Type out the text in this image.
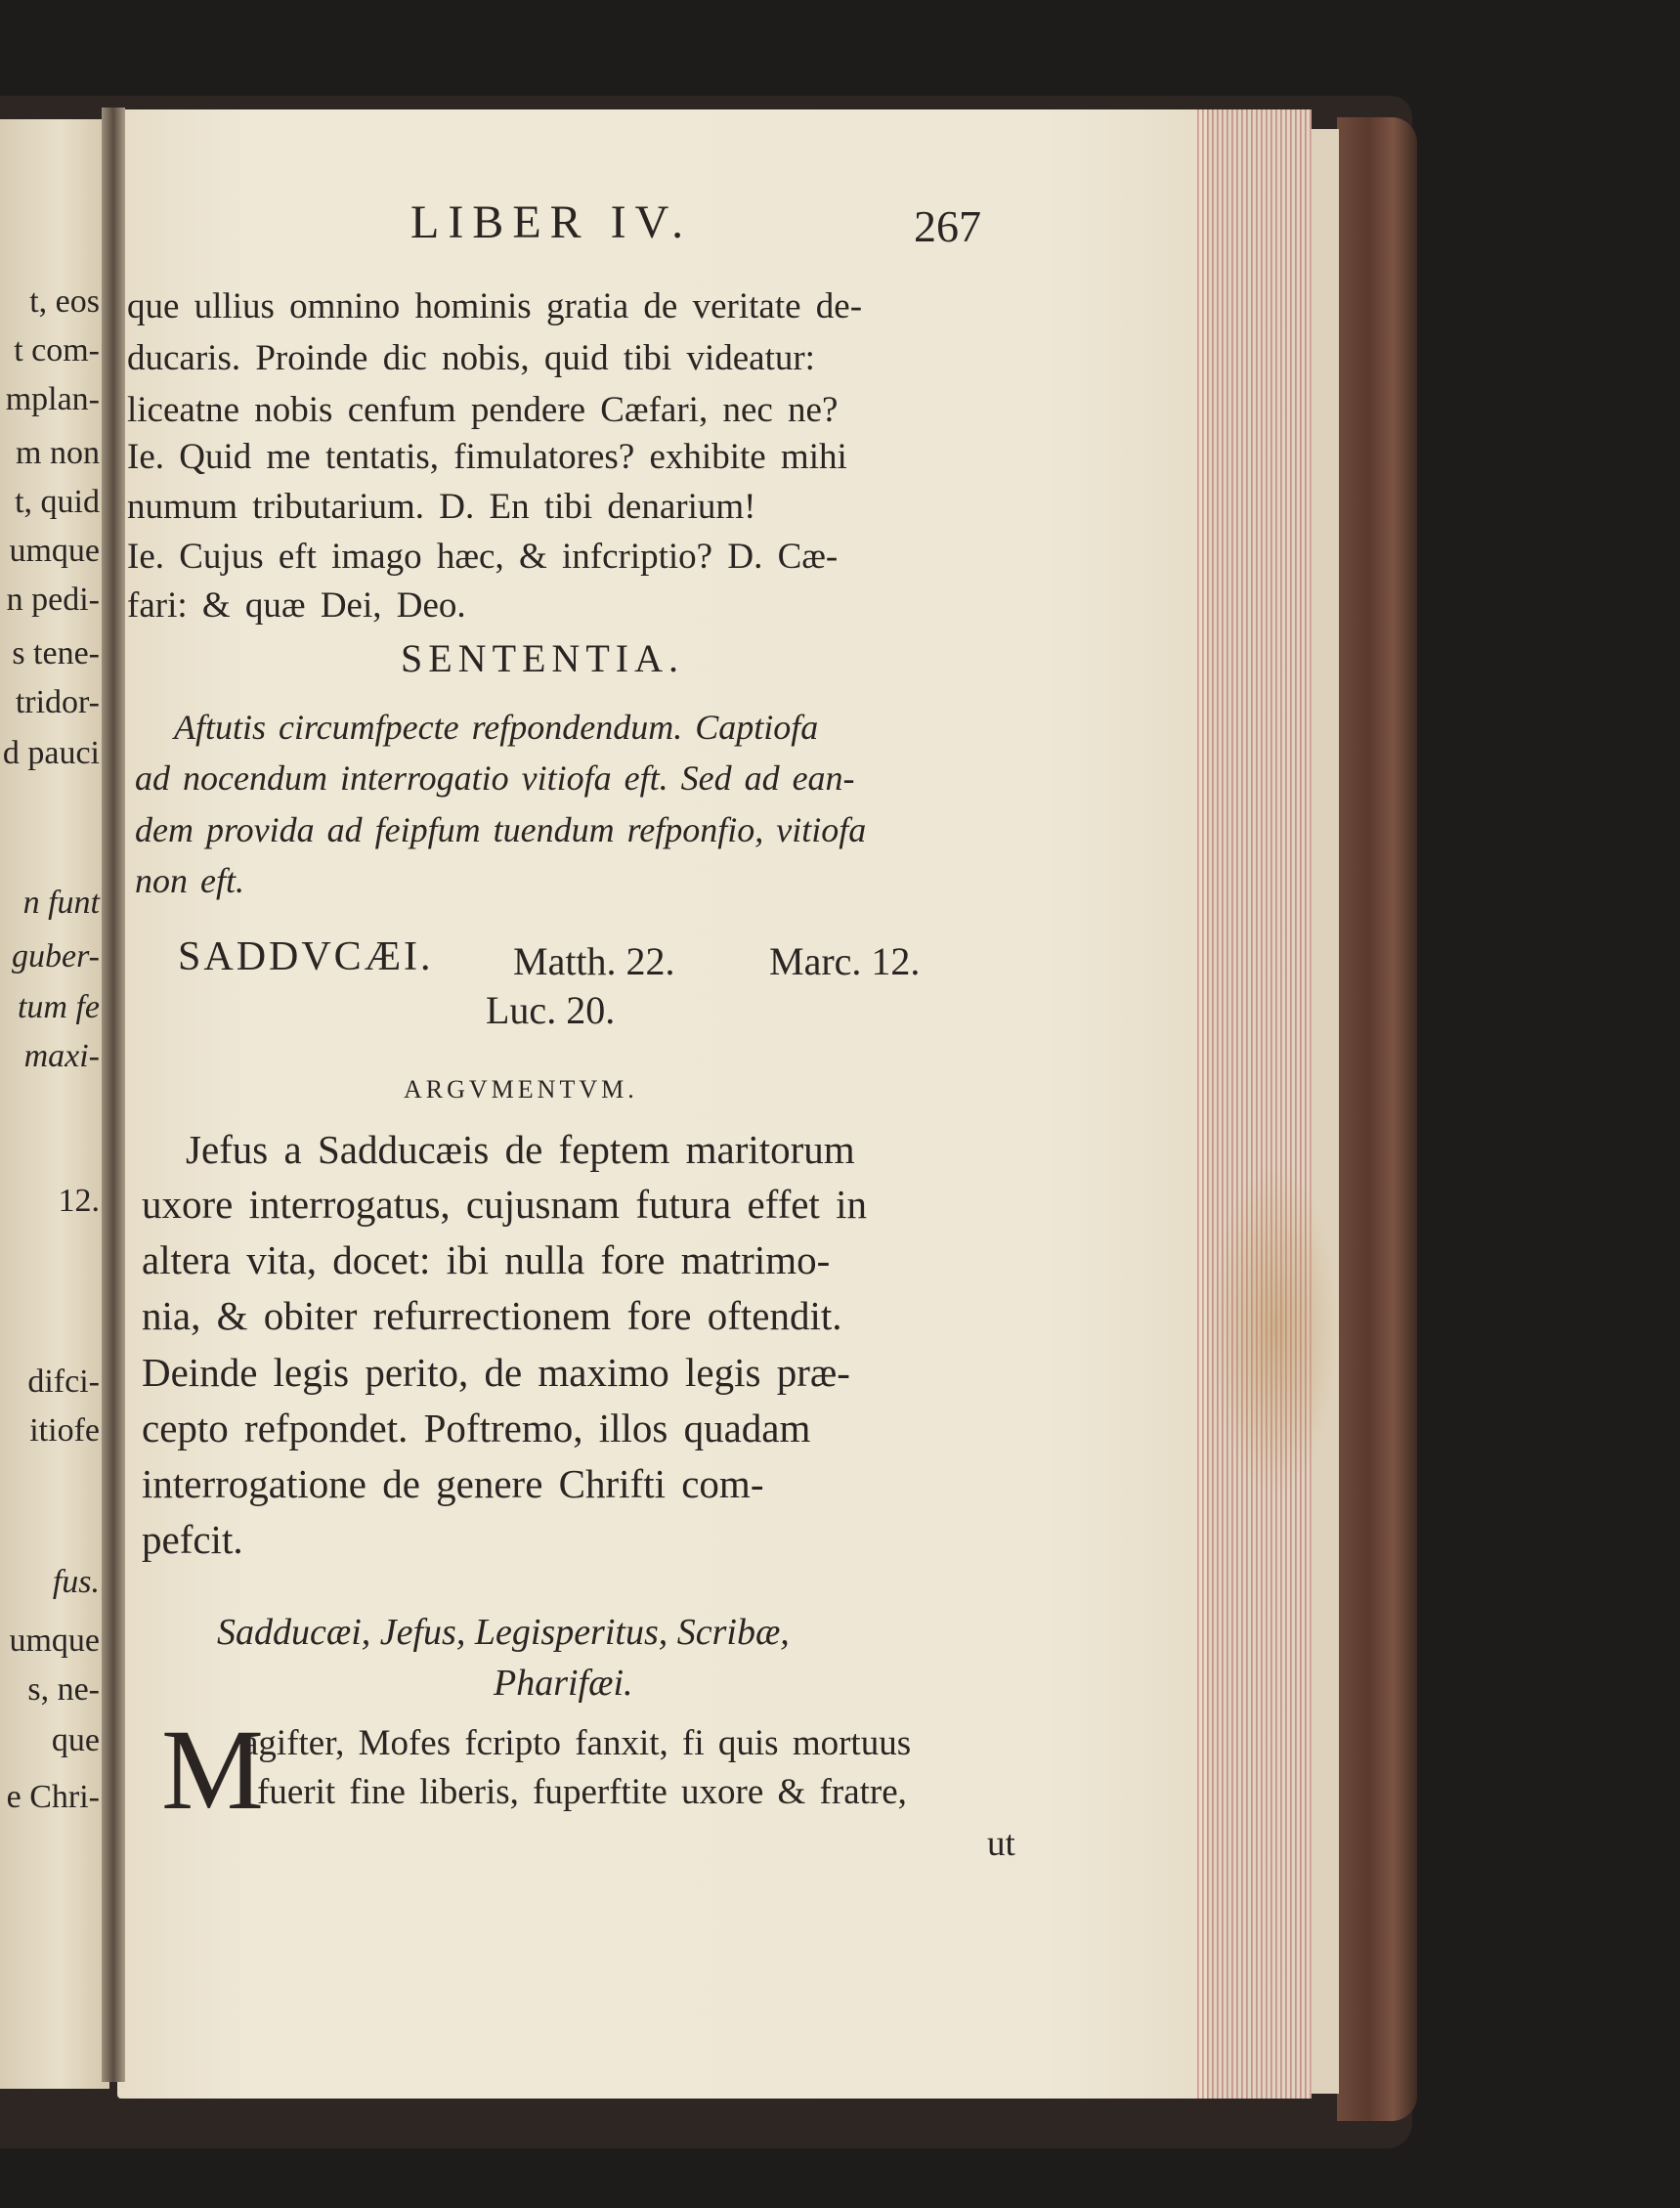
t, eos
t com-
mplan-
m non
t, quid
umque
n pedi-
s tene-
tridor-
d pauci
n funt
guber-
tum fe
maxi-
12.
difci-
itiofe
fus.
umque
s, ne-
que
e Chri-
LIBER IV.	267
que ullius omnino hominis gratia de veritate de-
ducaris. Proinde dic nobis, quid tibi videatur:
liceatne nobis cenfum pendere Cæfari, nec ne?
Ie. Quid me tentatis, fimulatores? exhibite mihi
numum tributarium. D. En tibi denarium!
Ie. Cujus eft imago hæc, & infcriptio? D. Cæ-
fari: & quæ Dei, Deo.
SENTENTIA.
Aftutis circumfpecte refpondendum. Captiofa
ad nocendum interrogatio vitiofa eft. Sed ad ean-
dem provida ad feipfum tuendum refponfio, vitiofa
non eft.
SADDVCÆI. Matth. 22. Marc. 12.
Luc. 20.
ARGVMENTVM.
Jefus a Sadducæis de feptem maritorum
uxore interrogatus, cujusnam futura effet in
altera vita, docet: ibi nulla fore matrimo-
nia, & obiter refurrectionem fore oftendit.
Deinde legis perito, de maximo legis præ-
cepto refpondet. Poftremo, illos quadam
interrogatione de genere Chrifti com-
pefcit.
Sadducæi, Jefus, Legisperitus, Scribæ,
Pharifæi.
M
agifter, Mofes fcripto fanxit, fi quis mortuus
fuerit fine liberis, fuperftite uxore & fratre,
ut
